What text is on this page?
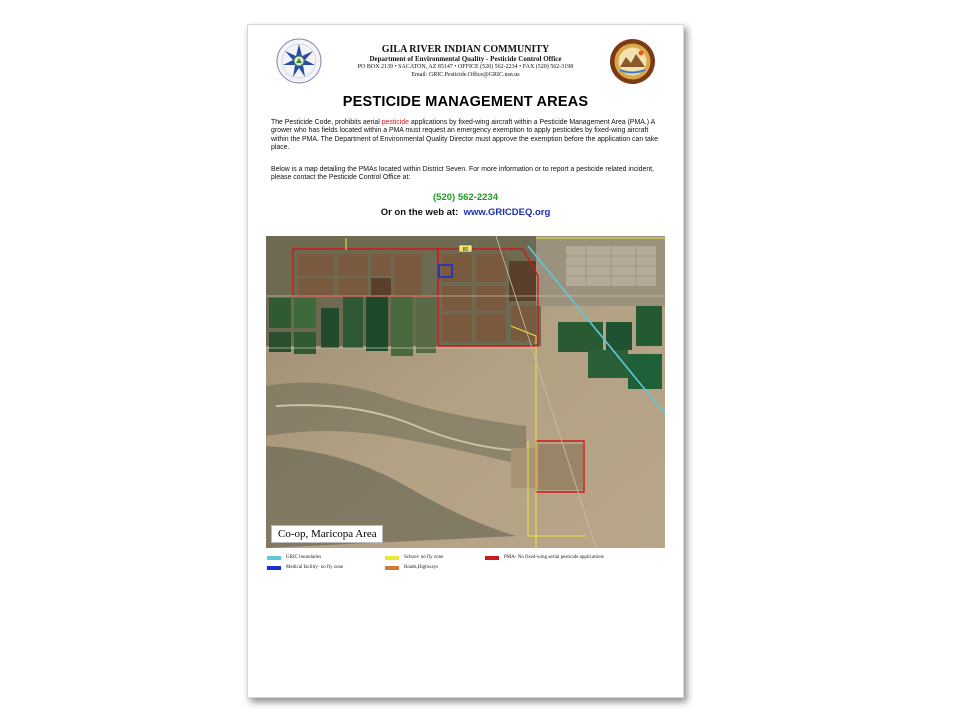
GILA RIVER INDIAN COMMUNITY
Department of Environmental Quality - Pesticide Control Office
PO BOX 2139 • SACATON, AZ 85147 • OFFICE (520) 562-2234 • FAX (520) 562-3198
Email: GRIC.Pesticide.Office@GRIC.nsn.us
PESTICIDE MANAGEMENT AREAS
The Pesticide Code, prohibits aerial pesticide applications by fixed-wing aircraft within a Pesticide Management Area (PMA.) A grower who has fields located within a PMA must request an emergency exemption to apply pesticides by fixed-wing aircraft within the PMA. The Department of Environmental Quality Director must approve the exemption before the application can take place.
Below is a map detailing the PMAs located within District Seven. For more information or to report a pesticide related incident, please contact the Pesticide Control Office at:
(520) 562-2234
Or on the web at: www.GRICDEQ.org
80
Co-op, Maricopa Area
GRIC boundaries
Medical facility- no fly zone
School- no fly zone
Roads,Highways
PMA- No fixed-wing aerial pesticide applications
